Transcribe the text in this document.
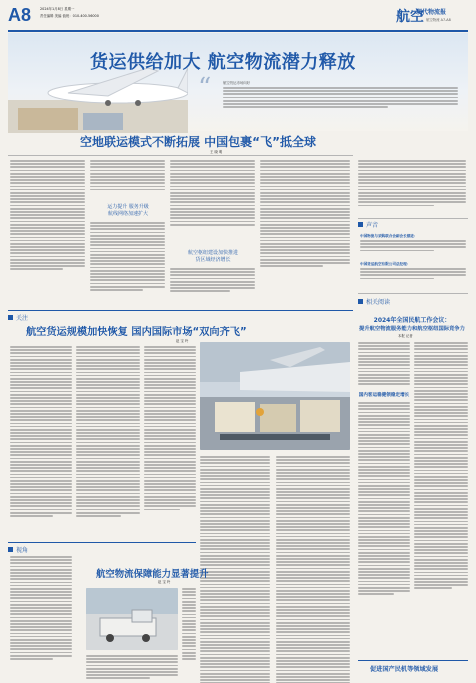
A8	2024年1月8日 星期一
责任编辑 美编 值班：010-400-56000	航空
现代物流报
航空物流 A7-A8
货运供给加大 航空物流潜力释放
“	航空货运市场向好
空地联运模式不断拓展 中国包裹“飞”抵全球
王 晓 明
运力提升 服务升级
航线网络加速扩大
航空枢纽建设加快推进
货区域经济增长
声音
中国物流与采购联合会副会长蔡进：
中国货运航空有限公司总经理：
相关阅读
2024年全国民航工作会议：
提升航空物流服务能力和航空枢纽国际竞争力
本报 记者
国内客运稳健领稳定增长
关注
航空货运规模加快恢复 国内国际市场“双向齐飞”
赵 宝 玲
视角
航空物流保障能力显著提升
赵 宝 玲
促进国产民机等领域发展
